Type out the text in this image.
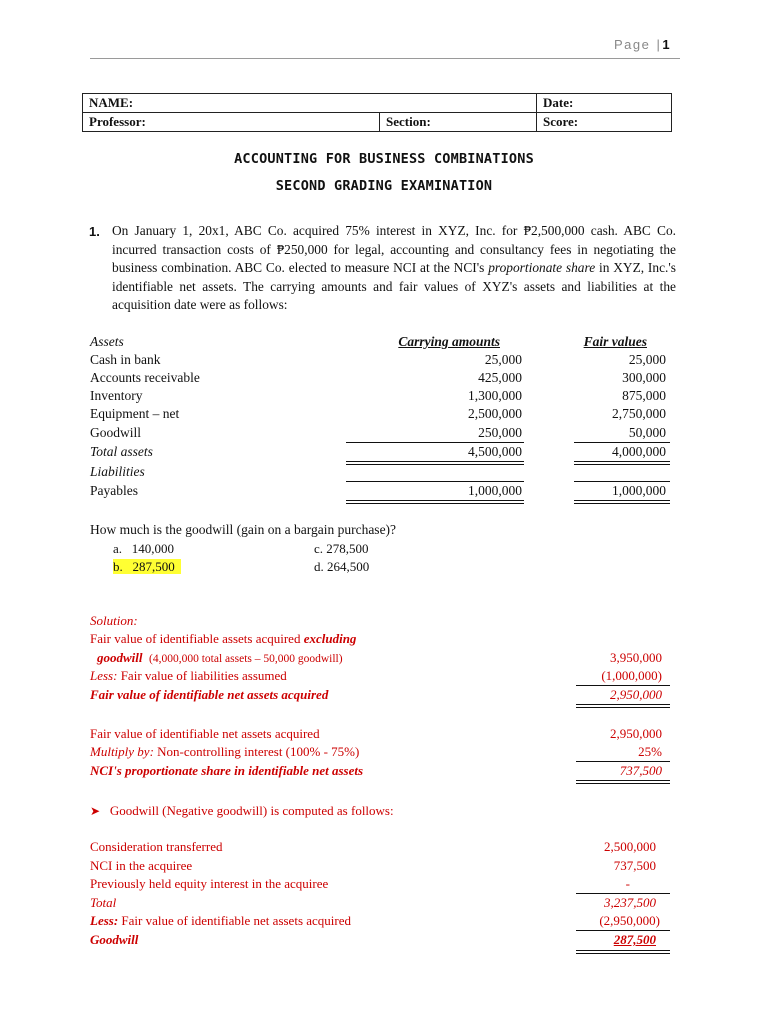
Page |1
NAME:		Date:
Professor:	Section:	Score:
ACCOUNTING FOR BUSINESS COMBINATIONS
SECOND GRADING EXAMINATION
1. On January 1, 20x1, ABC Co. acquired 75% interest in XYZ, Inc. for ₱2,500,000 cash. ABC Co. incurred transaction costs of ₱250,000 for legal, accounting and consultancy fees in negotiating the business combination. ABC Co. elected to measure NCI at the NCI's proportionate share in XYZ, Inc.'s identifiable net assets. The carrying amounts and fair values of XYZ's assets and liabilities at the acquisition date were as follows:
Assets	Carrying amounts	Fair values
Cash in bank	25,000	25,000
Accounts receivable	425,000	300,000
Inventory	1,300,000	875,000
Equipment – net	2,500,000	2,750,000
Goodwill	250,000	50,000
Total assets	4,500,000	4,000,000
Liabilities
Payables	1,000,000	1,000,000
How much is the goodwill (gain on a bargain purchase)?
a. 140,000
b. 287,500
c. 278,500
d. 264,500
Solution:
Fair value of identifiable assets acquired excluding
goodwill (4,000,000 total assets – 50,000 goodwill)	3,950,000
Less: Fair value of liabilities assumed	(1,000,000)
Fair value of identifiable net assets acquired	2,950,000
Fair value of identifiable net assets acquired	2,950,000
Multiply by: Non-controlling interest (100% - 75%)	25%
NCI's proportionate share in identifiable net assets	737,500
➤ Goodwill (Negative goodwill) is computed as follows:
Consideration transferred	2,500,000
NCI in the acquiree	737,500
Previously held equity interest in the acquiree	-
Total	3,237,500
Less: Fair value of identifiable net assets acquired	(2,950,000)
Goodwill	287,500
